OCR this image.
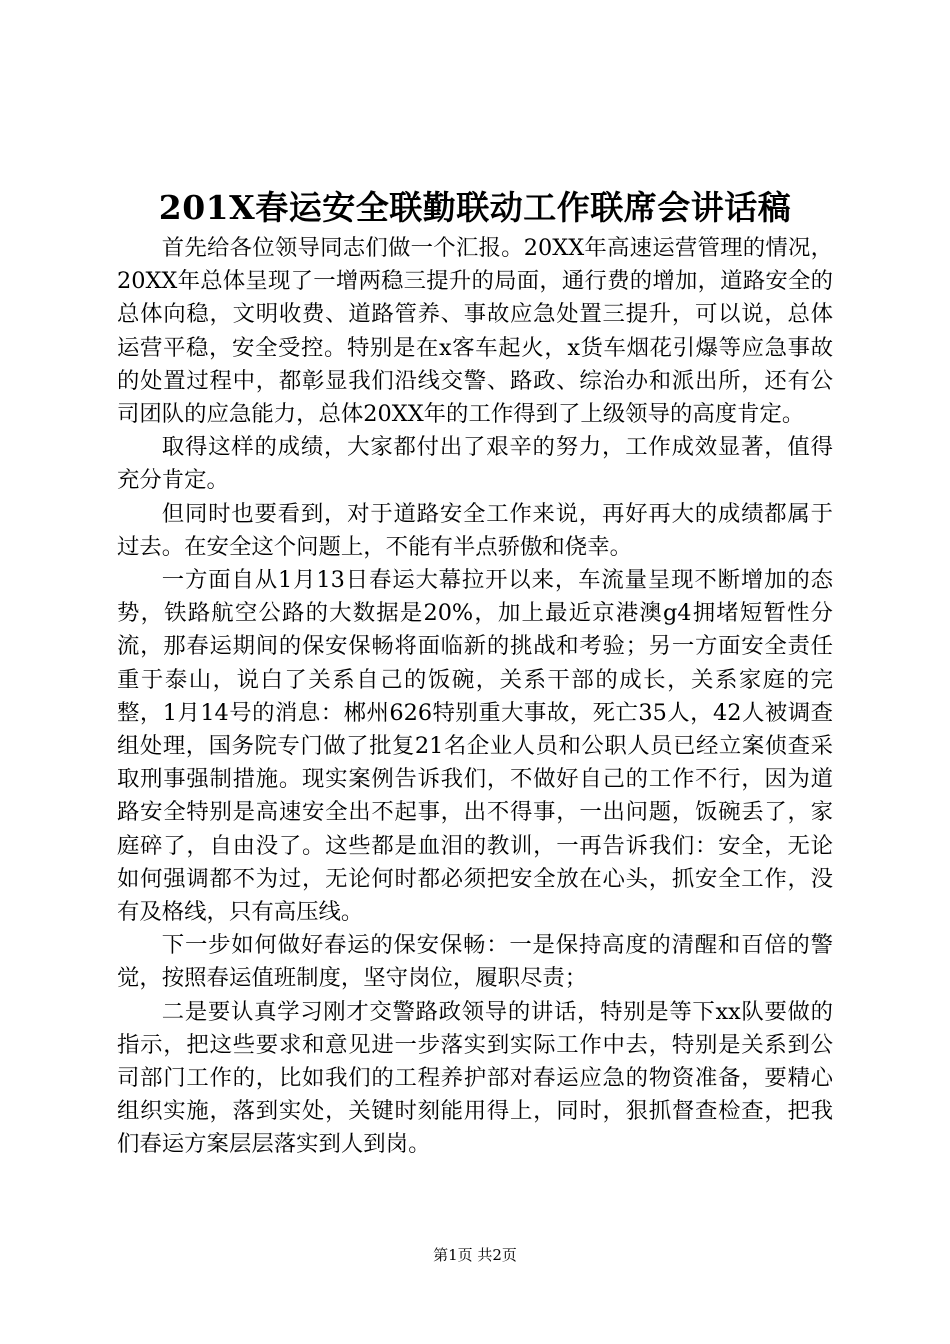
201X春运安全联勤联动工作联席会讲话稿

首先给各位领导同志们做一个汇报。20XX年高速运营管理的情况，20XX年总体呈现了一增两稳三提升的局面，通行费的增加，道路安全的总体向稳，文明收费、道路管养、事故应急处置三提升，可以说，总体运营平稳，安全受控。特别是在x客车起火，x货车烟花引爆等应急事故的处置过程中，都彰显我们沿线交警、路政、综治办和派出所，还有公司团队的应急能力，总体20XX年的工作得到了上级领导的高度肯定。

取得这样的成绩，大家都付出了艰辛的努力，工作成效显著，值得充分肯定。

但同时也要看到，对于道路安全工作来说，再好再大的成绩都属于过去。在安全这个问题上，不能有半点骄傲和侥幸。

一方面自从1月13日春运大幕拉开以来，车流量呈现不断增加的态势，铁路航空公路的大数据是20%，加上最近京港澳g4拥堵短暂性分流，那春运期间的保安保畅将面临新的挑战和考验；另一方面安全责任重于泰山，说白了关系自己的饭碗，关系干部的成长，关系家庭的完整，1月14号的消息：郴州626特别重大事故，死亡35人，42人被调查组处理，国务院专门做了批复21名企业人员和公职人员已经立案侦查采取刑事强制措施。现实案例告诉我们，不做好自己的工作不行，因为道路安全特别是高速安全出不起事，出不得事，一出问题，饭碗丢了，家庭碎了，自由没了。这些都是血泪的教训，一再告诉我们：安全，无论如何强调都不为过，无论何时都必须把安全放在心头，抓安全工作，没有及格线，只有高压线。

下一步如何做好春运的保安保畅：一是保持高度的清醒和百倍的警觉，按照春运值班制度，坚守岗位，履职尽责；

二是要认真学习刚才交警路政领导的讲话，特别是等下xx队要做的指示，把这些要求和意见进一步落实到实际工作中去，特别是关系到公司部门工作的，比如我们的工程养护部对春运应急的物资准备，要精心组织实施，落到实处，关键时刻能用得上，同时，狠抓督查检查，把我们春运方案层层落实到人到岗。

第1页 共2页
